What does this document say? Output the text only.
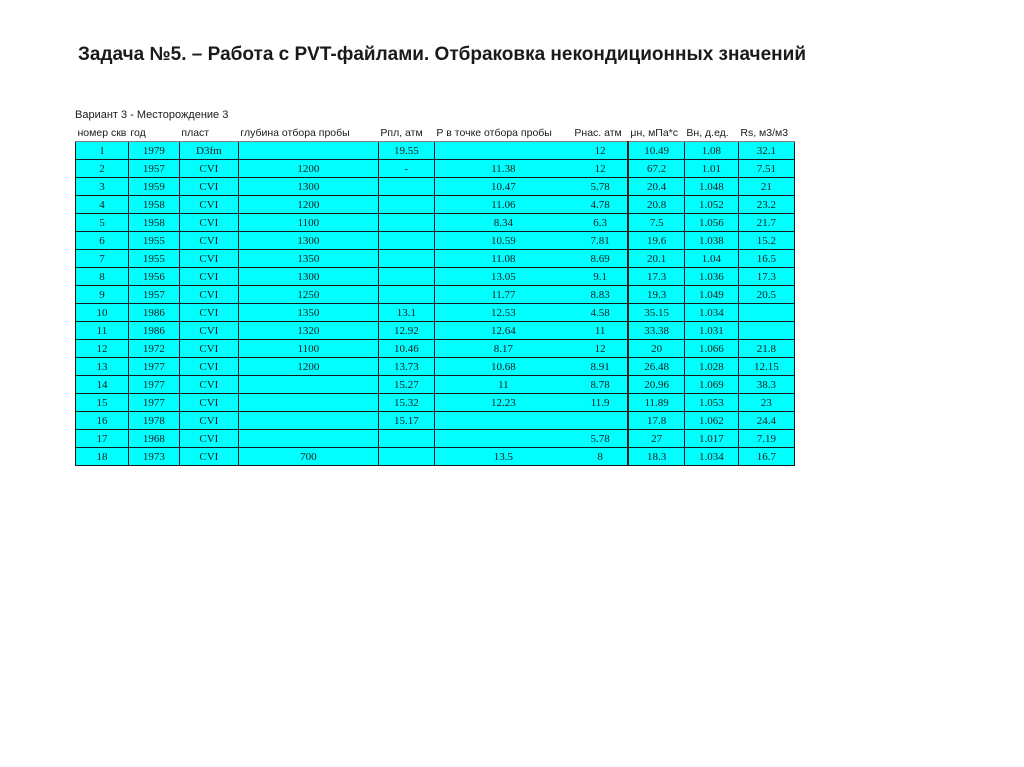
Задача №5. – Работа с PVT-файлами. Отбраковка некондиционных значений
Вариант 3 - Месторождение 3
номер скв	год	пласт	глубина отбора пробы	Рпл, атм	Р в точке отбора пробы	Рнас. атм	μн, мПа*с	Вн, д.ед.	Rs, м3/м3
1	1979	D3fm		19.55		12	10.49	1.08	32.1
2	1957	CVI	1200	-	11.38	12	67.2	1.01	7.51
3	1959	CVI	1300		10.47	5.78	20.4	1.048	21
4	1958	CVI	1200		11.06	4.78	20.8	1.052	23.2
5	1958	CVI	1100		8.34	6.3	7.5	1.056	21.7
6	1955	CVI	1300		10.59	7.81	19.6	1.038	15.2
7	1955	CVI	1350		11.08	8.69	20.1	1.04	16.5
8	1956	CVI	1300		13.05	9.1	17.3	1.036	17.3
9	1957	CVI	1250		11.77	8.83	19.3	1.049	20.5
10	1986	CVI	1350	13.1	12.53	4.58	35.15	1.034	
11	1986	CVI	1320	12.92	12.64	11	33.38	1.031	
12	1972	CVI	1100	10.46	8.17	12	20	1.066	21.8
13	1977	CVI	1200	13.73	10.68	8.91	26.48	1.028	12.15
14	1977	CVI		15.27	11	8.78	20.96	1.069	38.3
15	1977	CVI		15.32	12.23	11.9	11.89	1.053	23
16	1978	CVI		15.17			17.8	1.062	24.4
17	1968	CVI				5.78	27	1.017	7.19
18	1973	CVI	700		13.5	8	18.3	1.034	16.7
